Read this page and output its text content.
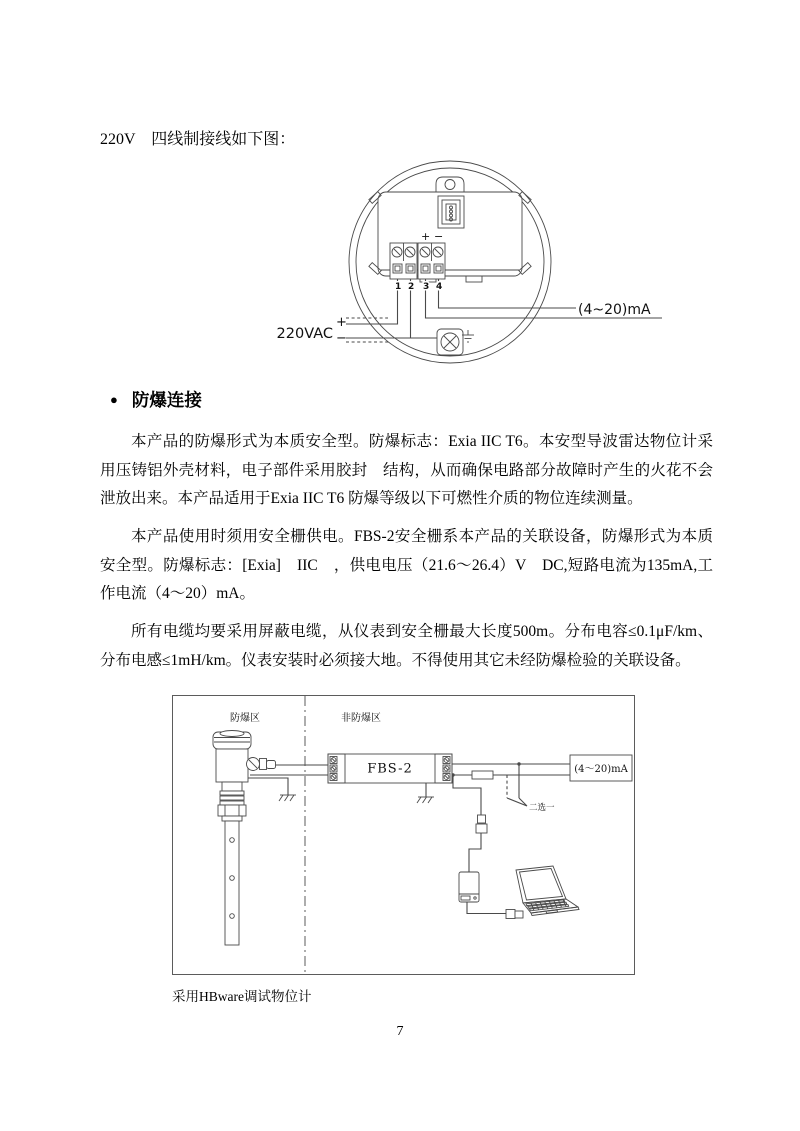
220V　四线制接线如下图：
1 2 3 4
+ −
220VAC
+
−
(4~20)mA
● 防爆连接

本产品的防爆形式为本质安全型。防爆标志：Exia IIC T6。本安型导波雷达物位计采用压铸铝外壳材料，电子部件采用胶封　结构，从而确保电路部分故障时产生的火花不会泄放出来。本产品适用于Exia IIC T6 防爆等级以下可燃性介质的物位连续测量。

本产品使用时须用安全栅供电。FBS-2安全栅系本产品的关联设备，防爆形式为本质安全型。防爆标志：[Exia]　IIC　，供电电压（21.6～26.4）V　DC,短路电流为135mA,工作电流（4～20）mA。

所有电缆均要采用屏蔽电缆，从仪表到安全栅最大长度500m。分布电容≤0.1μF/km、分布电感≤1mH/km。仪表安装时必须接大地。不得使用其它未经防爆检验的关联设备。

防爆区	非防爆区
FBS-2	(4～20)mA
二选一
采用HBware调试物位计
7
